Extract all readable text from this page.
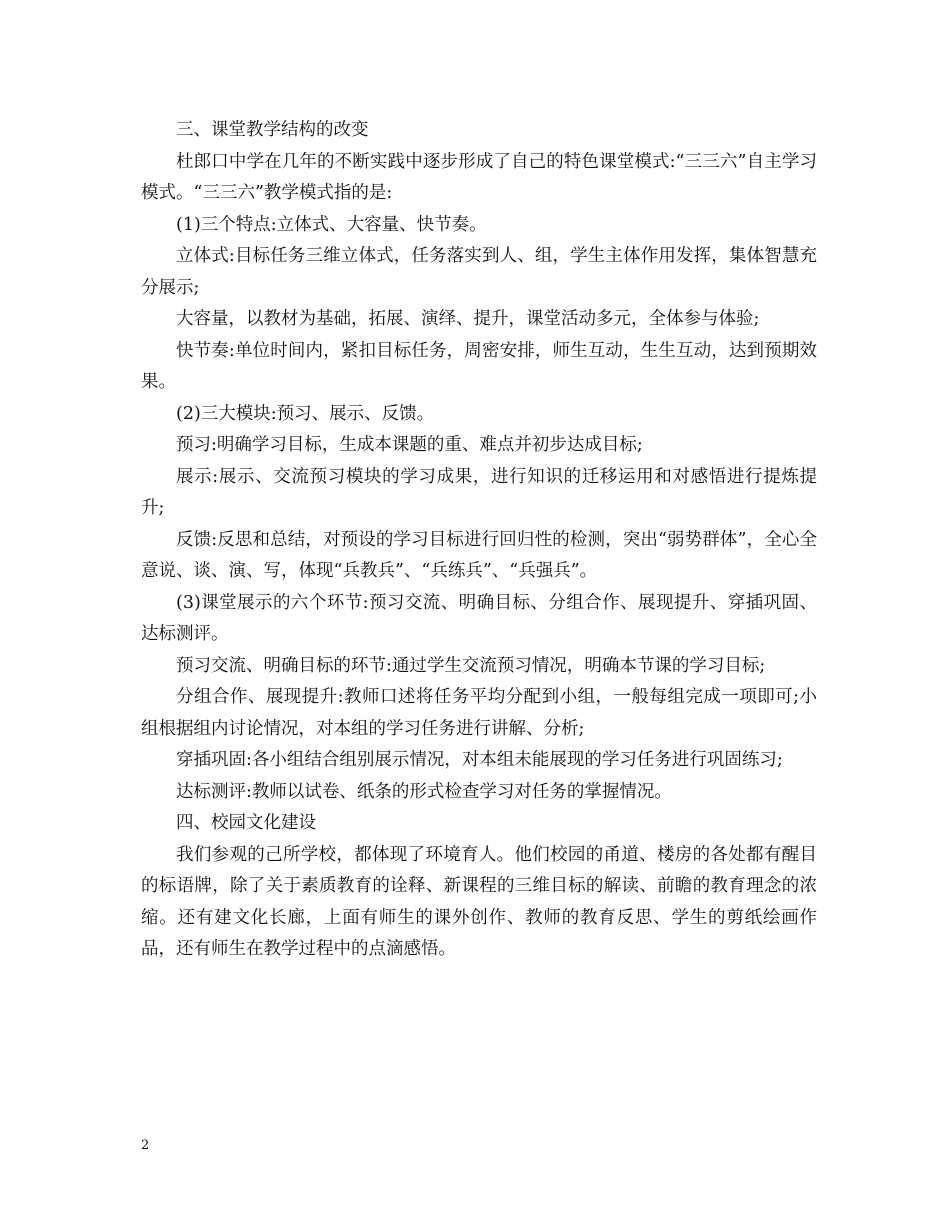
三、课堂教学结构的改变

杜郎口中学在几年的不断实践中逐步形成了自己的特色课堂模式:“三三六”自主学习模式。“三三六”教学模式指的是:

(1)三个特点:立体式、大容量、快节奏。

立体式:目标任务三维立体式，任务落实到人、组，学生主体作用发挥，集体智慧充分展示;

大容量，以教材为基础，拓展、演绎、提升，课堂活动多元，全体参与体验;

快节奏:单位时间内，紧扣目标任务，周密安排，师生互动，生生互动，达到预期效果。

(2)三大模块:预习、展示、反馈。

预习:明确学习目标，生成本课题的重、难点并初步达成目标;

展示:展示、交流预习模块的学习成果，进行知识的迁移运用和对感悟进行提炼提升;

反馈:反思和总结，对预设的学习目标进行回归性的检测，突出“弱势群体”，全心全意说、谈、演、写，体现“兵教兵”、“兵练兵”、“兵强兵”。

(3)课堂展示的六个环节:预习交流、明确目标、分组合作、展现提升、穿插巩固、达标测评。

预习交流、明确目标的环节:通过学生交流预习情况，明确本节课的学习目标;

分组合作、展现提升:教师口述将任务平均分配到小组，一般每组完成一项即可;小组根据组内讨论情况，对本组的学习任务进行讲解、分析;

穿插巩固:各小组结合组别展示情况，对本组未能展现的学习任务进行巩固练习;

达标测评:教师以试卷、纸条的形式检查学习对任务的掌握情况。

四、校园文化建设

我们参观的己所学校，都体现了环境育人。他们校园的甬道、楼房的各处都有醒目的标语牌，除了关于素质教育的诠释、新课程的三维目标的解读、前瞻的教育理念的浓缩。还有建文化长廊，上面有师生的课外创作、教师的教育反思、学生的剪纸绘画作品，还有师生在教学过程中的点滴感悟。

2
